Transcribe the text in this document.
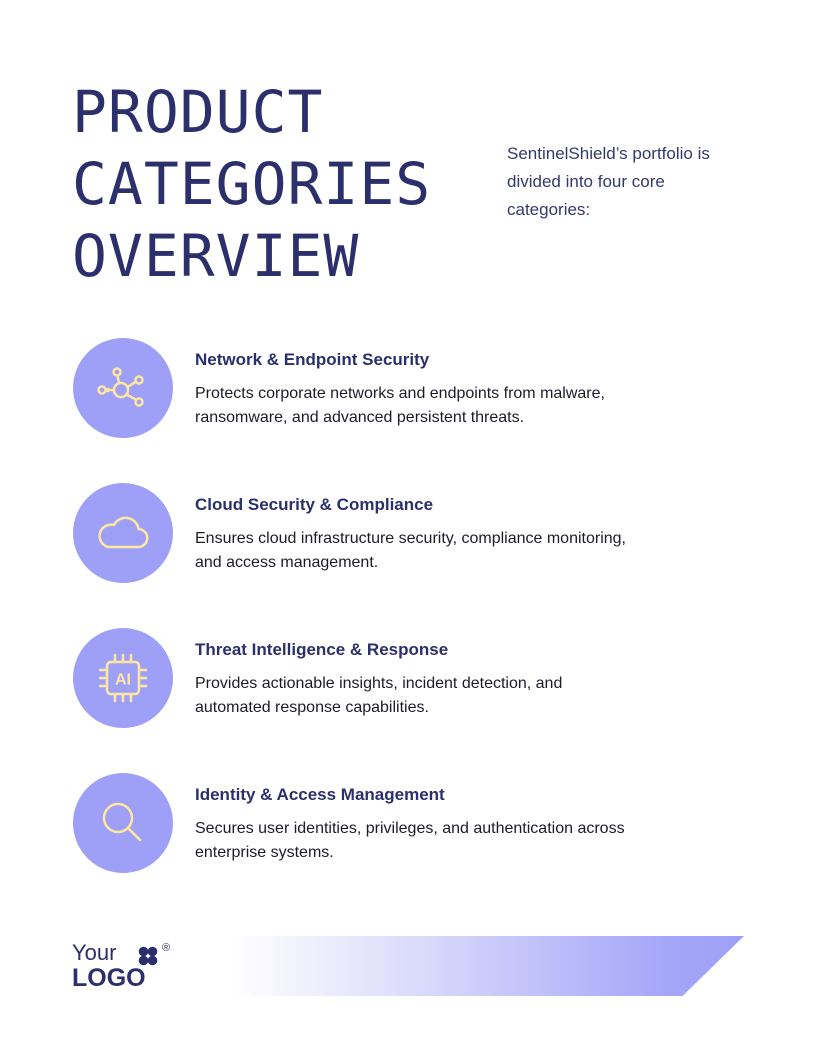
PRODUCT
CATEGORIES
OVERVIEW

SentinelShield’s portfolio is divided into four core categories:

Network & Endpoint Security

Protects corporate networks and endpoints from malware, ransomware, and advanced persistent threats.

Cloud Security & Compliance

Ensures cloud infrastructure security, compliance monitoring, and access management.

AI
Threat Intelligence & Response

Provides actionable insights, incident detection, and automated response capabilities.

Identity & Access Management

Secures user identities, privileges, and authentication across enterprise systems.

Your	®
LOGO
